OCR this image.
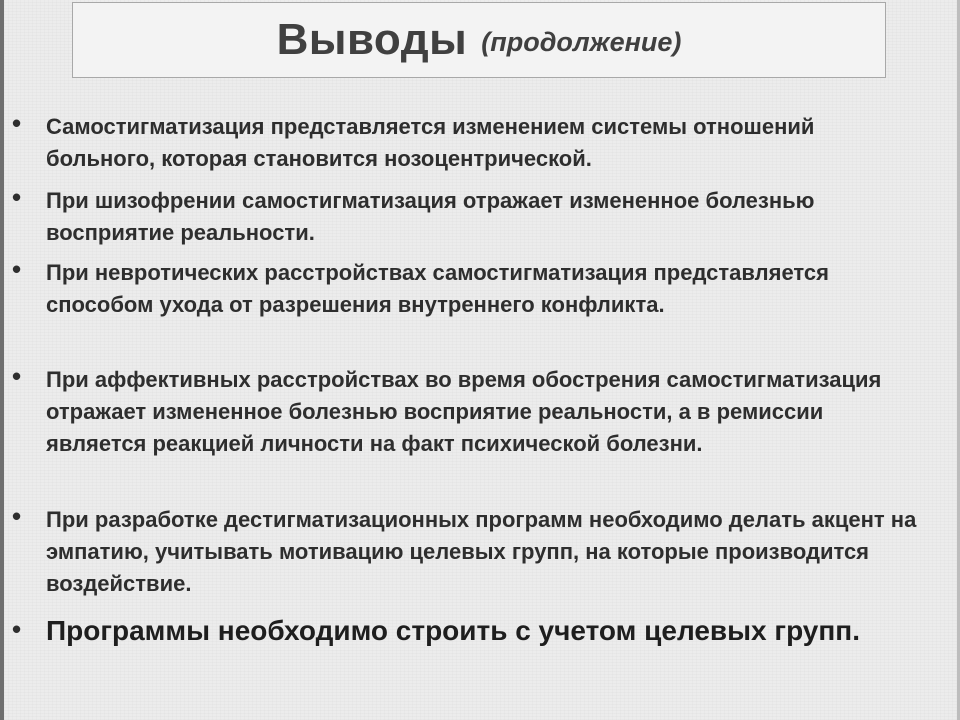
Выводы (продолжение)
• Самостигматизация представляется изменением системы отношений больного, которая становится нозоцентрической.
• При шизофрении самостигматизация отражает измененное болезнью восприятие реальности.
• При невротических расстройствах самостигматизация представляется способом ухода от разрешения внутреннего конфликта.
• При аффективных расстройствах во время обострения самостигматизация отражает измененное болезнью восприятие реальности, а в ремиссии является реакцией личности на факт психической болезни.
• При разработке дестигматизационных программ необходимо делать акцент на эмпатию, учитывать мотивацию целевых групп, на которые производится воздействие.
• Программы необходимо строить с учетом целевых групп.
